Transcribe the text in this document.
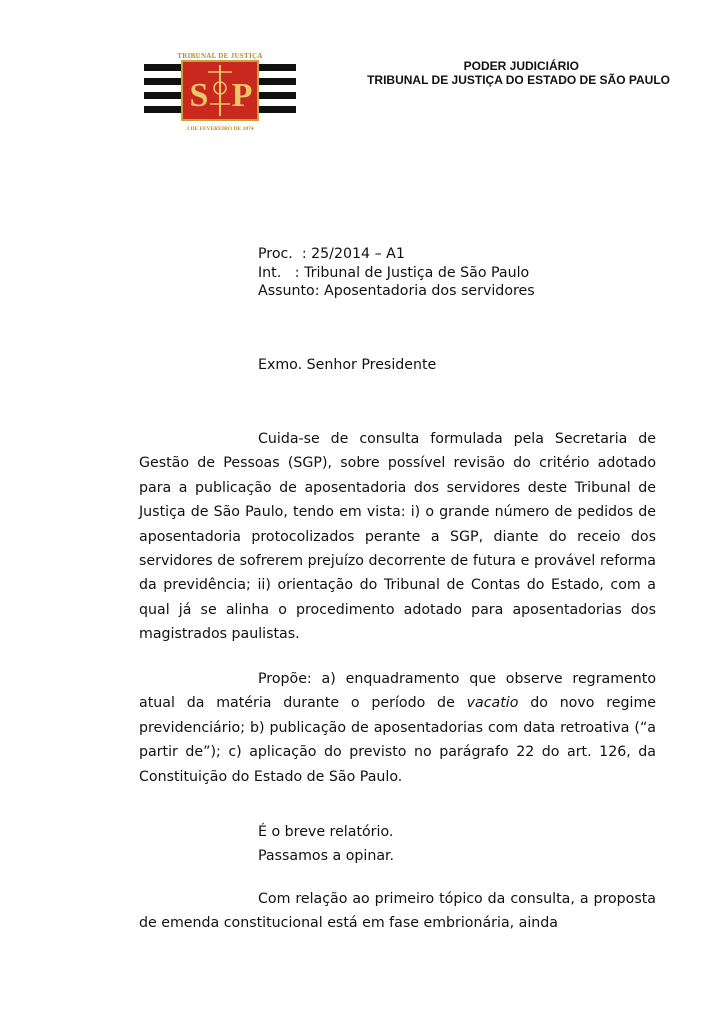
S P
TRIBUNAL DE JUSTIÇA
3 DE FEVEREIRO DE 1874
PODER JUDICIÁRIO
TRIBUNAL DE JUSTIÇA DO ESTADO DE SÃO PAULO
Proc.  : 25/2014 – A1
Int.   : Tribunal de Justiça de São Paulo
Assunto: Aposentadoria dos servidores
Exmo. Senhor Presidente

Cuida-se de consulta formulada pela Secretaria de Gestão de Pessoas (SGP), sobre possível revisão do critério adotado para a publicação de aposentadoria dos servidores deste Tribunal de Justiça de São Paulo, tendo em vista: i) o grande número de pedidos de aposentadoria protocolizados perante a SGP, diante do receio dos servidores de sofrerem prejuízo decorrente de futura e provável reforma da previdência; ii) orientação do Tribunal de Contas do Estado, com a qual já se alinha o procedimento adotado para aposentadorias dos magistrados paulistas.

Propõe: a) enquadramento que observe regramento atual da matéria durante o período de vacatio do novo regime previdenciário; b) publicação de aposentadorias com data retroativa (“a partir de”); c) aplicação do previsto no parágrafo 22 do art. 126, da Constituição do Estado de São Paulo.

É o breve relatório.
Passamos a opinar.

Com relação ao primeiro tópico da consulta, a proposta de emenda constitucional está em fase embrionária, ainda
